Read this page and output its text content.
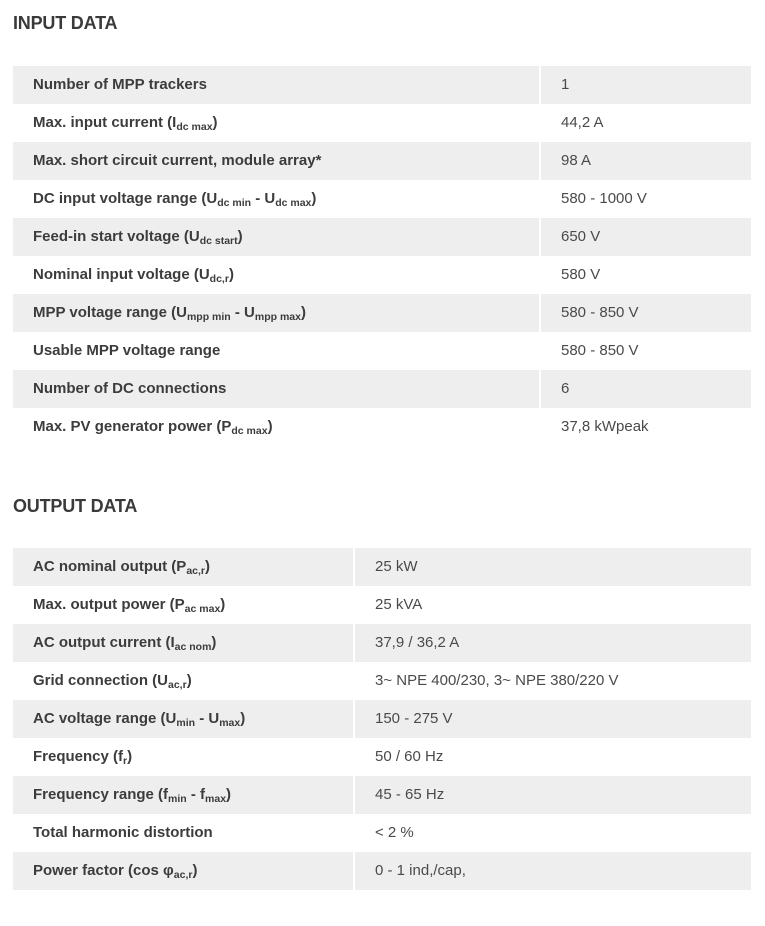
INPUT DATA
Number of MPP trackers	1
Max. input current $(I_{dc max})$	44,2 A
Max. short circuit current, module array*	98 A
DC input voltage range $(U_{dc min} - U_{dc max})$	580 - 1000 V
Feed-in start voltage $(U_{dc start})$	650 V
Nominal input voltage $(U_{dc,r})$	580 V
MPP voltage range $(U_{mpp min} - U_{mpp max})$	580 - 850 V
Usable MPP voltage range	580 - 850 V
Number of DC connections	6
Max. PV generator power $(P_{dc max})$	37,8 kWpeak
OUTPUT DATA
AC nominal output $(P_{ac,r})$	25 kW
Max. output power $(P_{ac max})$	25 kVA
AC output current $(I_{ac nom})$	37,9 / 36,2 A
Grid connection $(U_{ac,r})$	3~ NPE 400/230, 3~ NPE 380/220 V
AC voltage range $(U_{min} - U_{max})$	150 - 275 V
Frequency $(f_r)$	50 / 60 Hz
Frequency range $(f_{min} - f_{max})$	45 - 65 Hz
Total harmonic distortion	< 2 %
Power factor (cos $\varphi_{ac,r}$)	0 - 1 ind,/cap,
